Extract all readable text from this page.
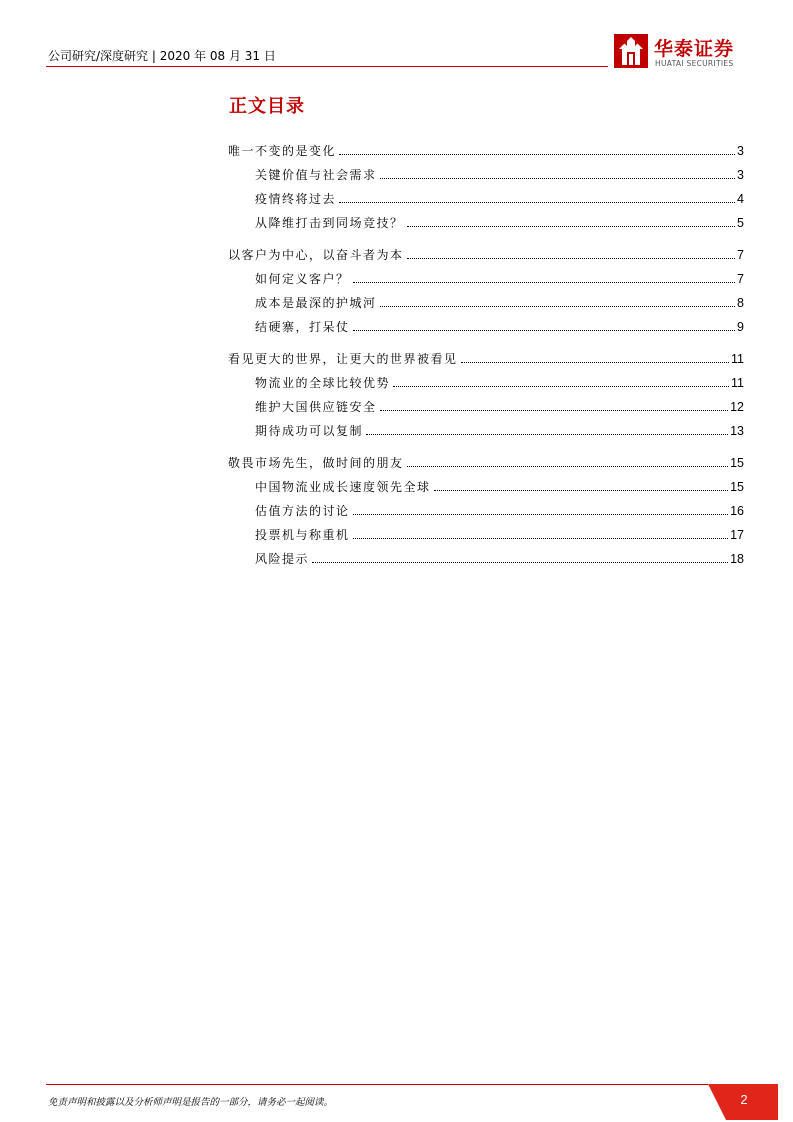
公司研究/深度研究 | 2020 年 08 月 31 日	华泰证券
HUATAI SECURITIES
正文目录
唯一不变的是变化	3
关键价值与社会需求	3
疫情终将过去	4
从降维打击到同场竞技？	5
以客户为中心，以奋斗者为本	7
如何定义客户？	7
成本是最深的护城河	8
结硬寨，打呆仗	9
看见更大的世界，让更大的世界被看见	11
物流业的全球比较优势	11
维护大国供应链安全	12
期待成功可以复制	13
敬畏市场先生，做时间的朋友	15
中国物流业成长速度领先全球	15
估值方法的讨论	16
投票机与称重机	17
风险提示	18
免责声明和披露以及分析师声明是报告的一部分，请务必一起阅读。	2
